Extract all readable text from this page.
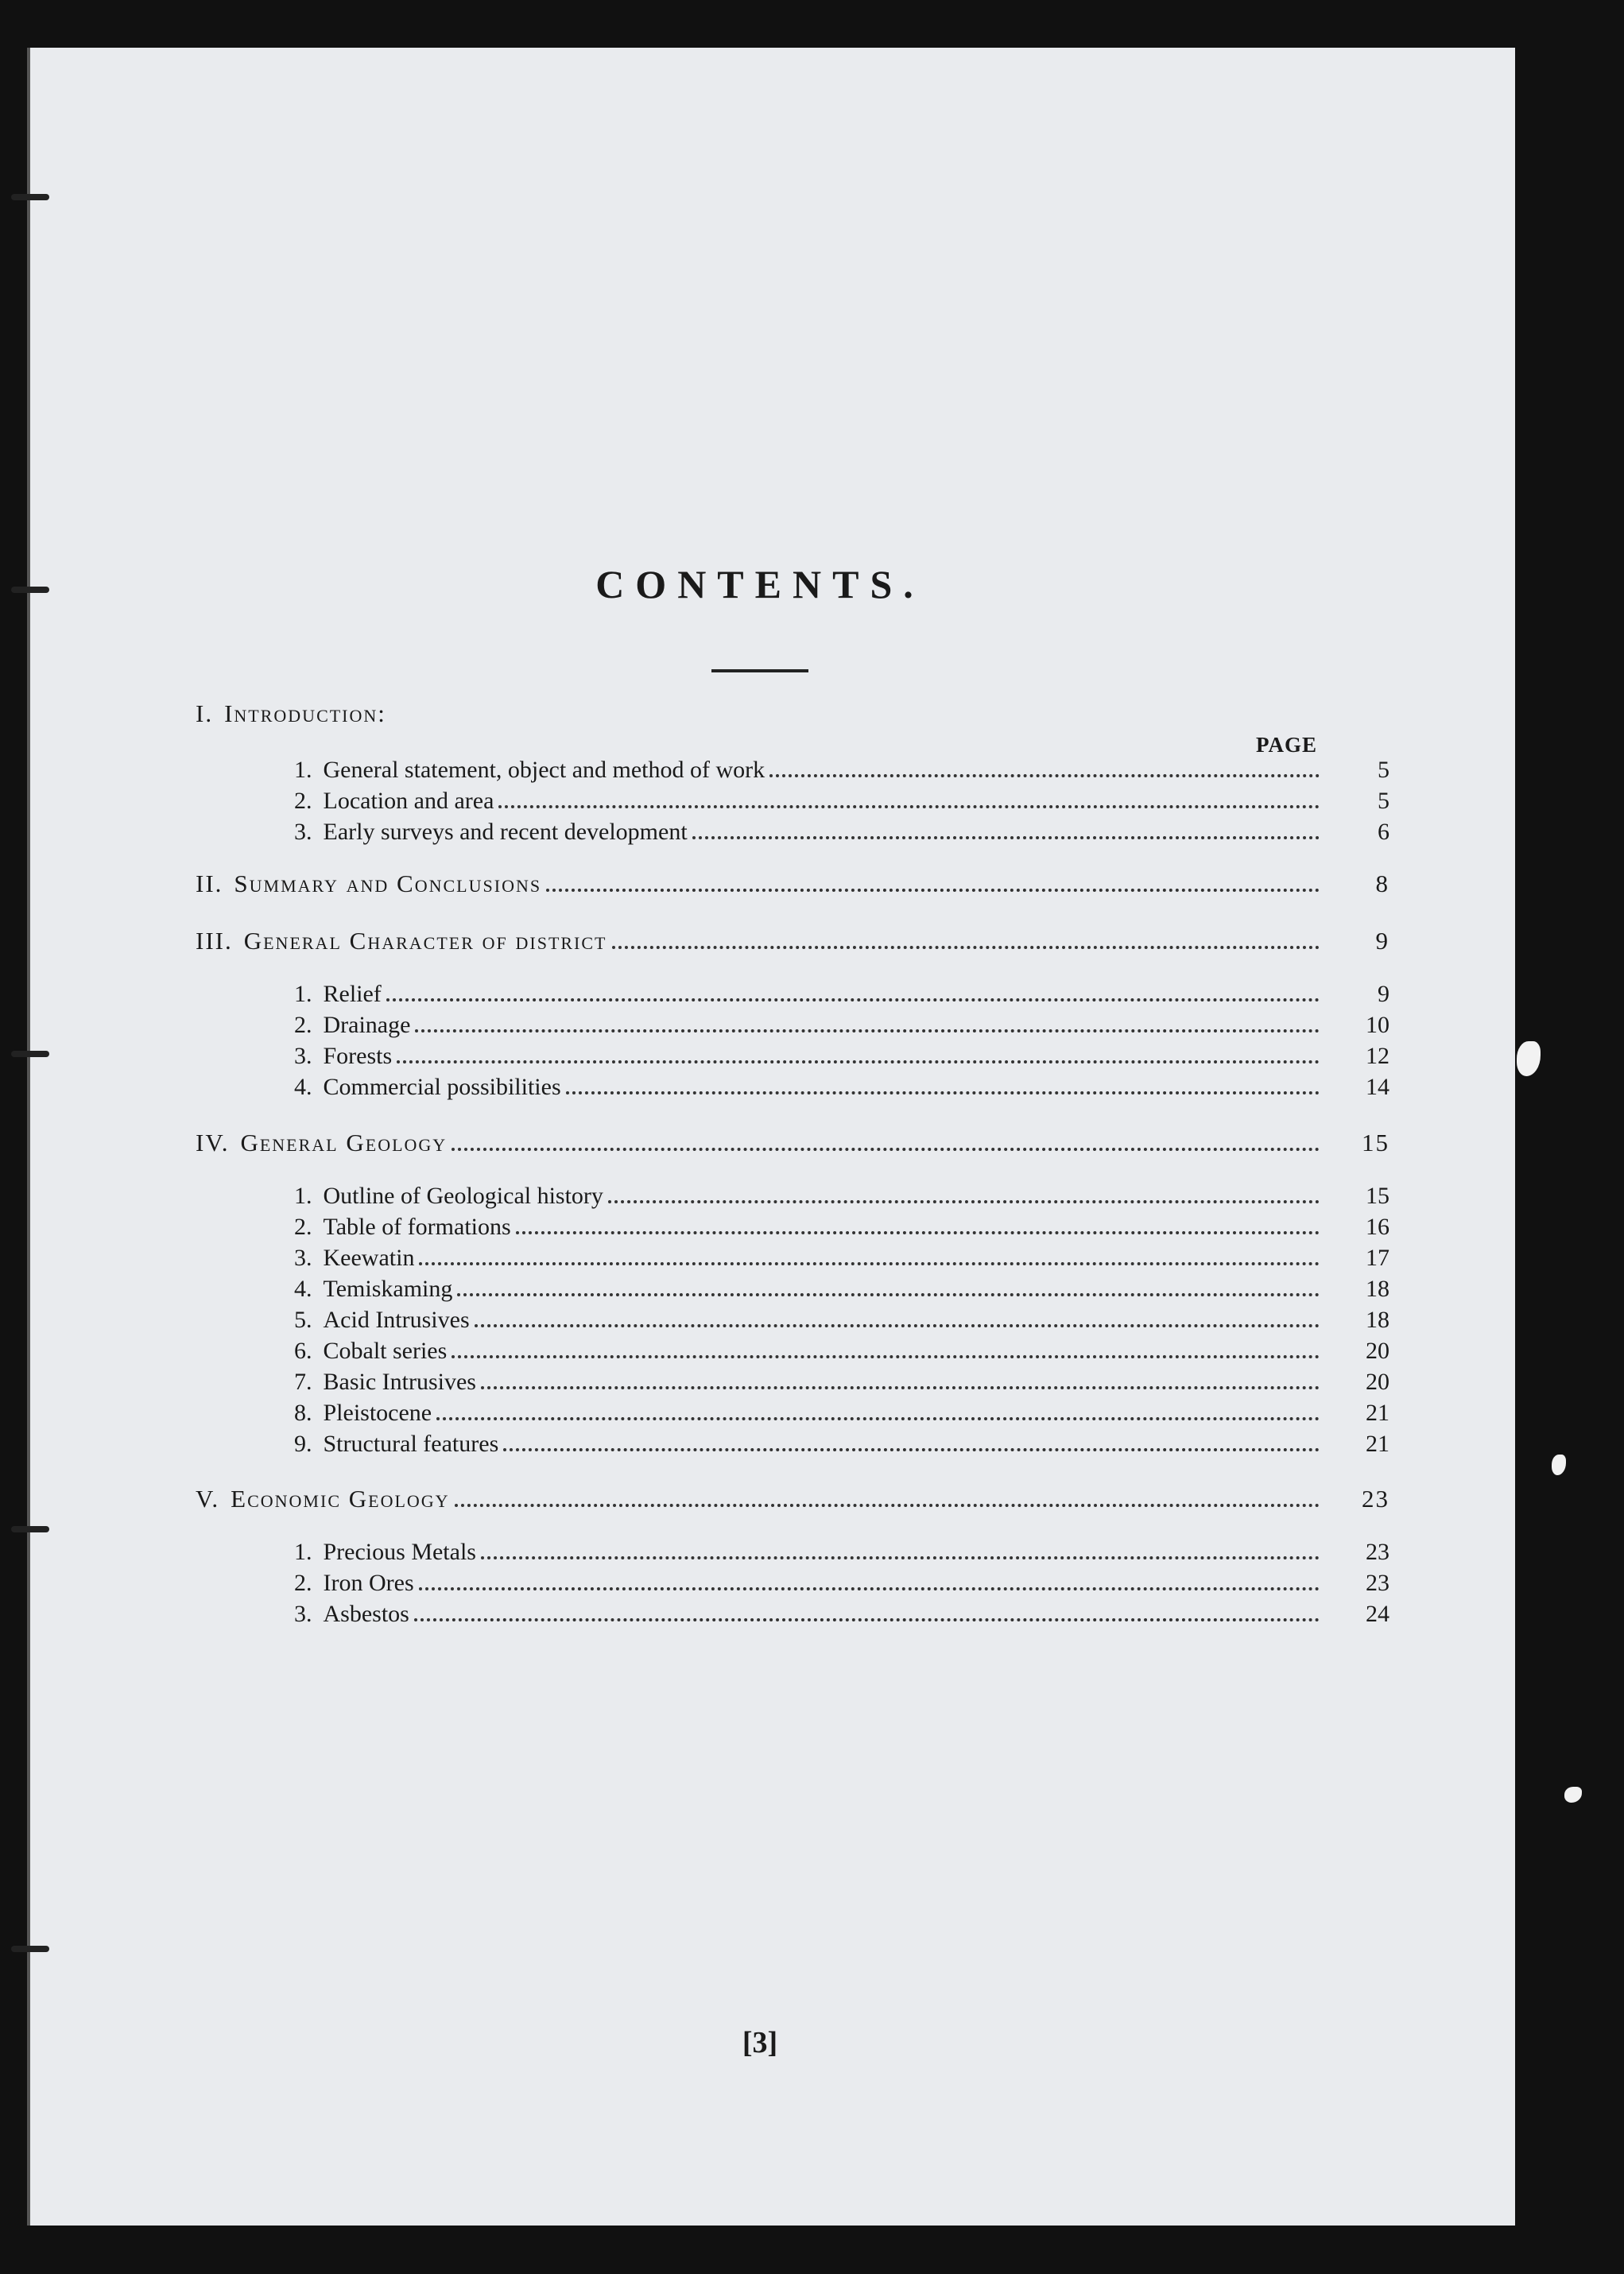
CONTENTS.
PAGE
I. Introduction:
1. General statement, object and method of work	5
2. Location and area	5
3. Early surveys and recent development	6
II. Summary and Conclusions	8
III. General Character of district	9
1. Relief	9
2. Drainage	10
3. Forests	12
4. Commercial possibilities	14
IV. General Geology	15
1. Outline of Geological history	15
2. Table of formations	16
3. Keewatin	17
4. Temiskaming	18
5. Acid Intrusives	18
6. Cobalt series	20
7. Basic Intrusives	20
8. Pleistocene	21
9. Structural features	21
V. Economic Geology	23
1. Precious Metals	23
2. Iron Ores	23
3. Asbestos	24
[3]
